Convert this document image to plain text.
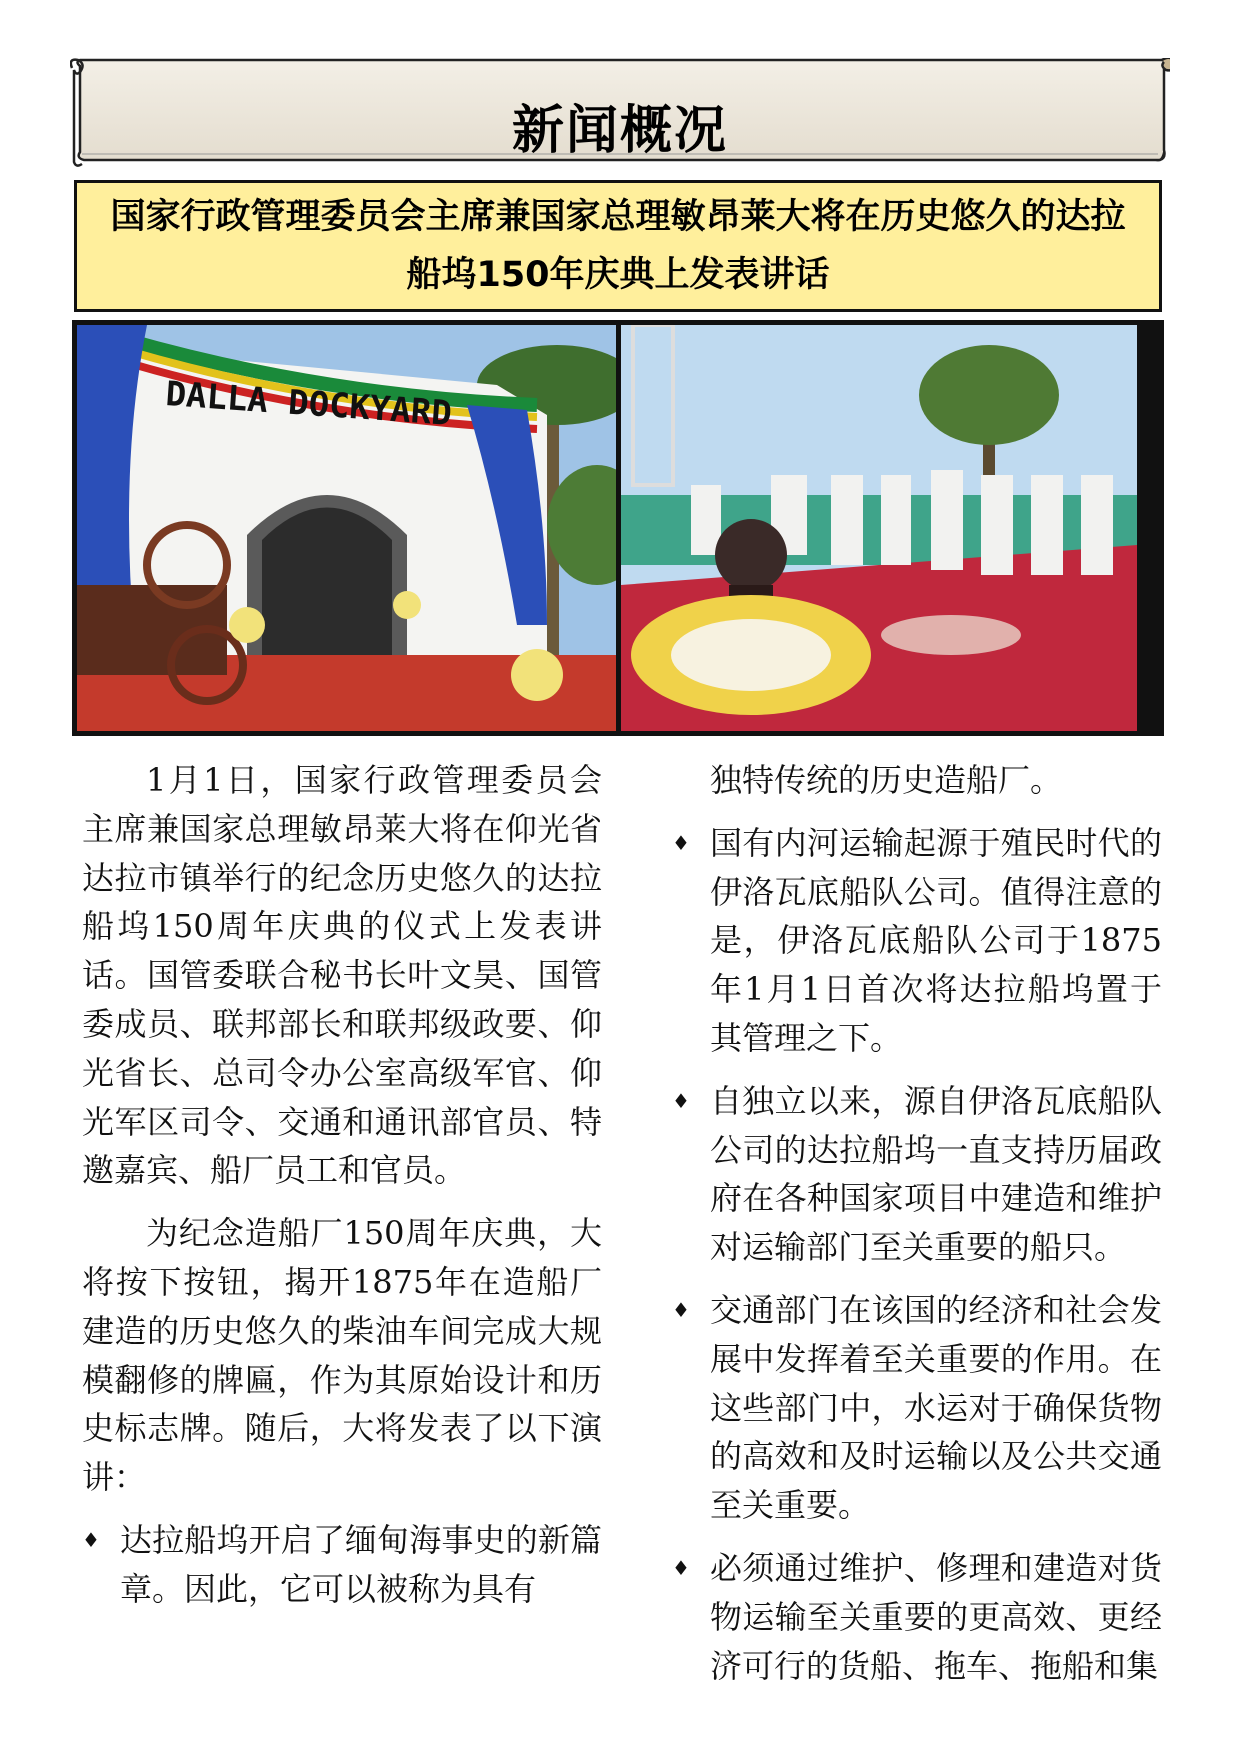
新闻概况
国家行政管理委员会主席兼国家总理敏昂莱大将在历史悠久的达拉船坞150年庆典上发表讲话
DALLA DOCKYARD

1月1日，国家行政管理委员会主席兼国家总理敏昂莱大将在仰光省达拉市镇举行的纪念历史悠久的达拉船坞150周年庆典的仪式上发表讲话。国管委联合秘书长叶文昊、国管委成员、联邦部长和联邦级政要、仰光省长、总司令办公室高级军官、仰光军区司令、交通和通讯部官员、特邀嘉宾、船厂员工和官员。

为纪念造船厂150周年庆典，大将按下按钮，揭开1875年在造船厂建造的历史悠久的柴油车间完成大规模翻修的牌匾，作为其原始设计和历史标志牌。随后，大将发表了以下演讲：

♦ 达拉船坞开启了缅甸海事史的新篇章。因此，它可以被称为具有

独特传统的历史造船厂。

♦ 国有内河运输起源于殖民时代的伊洛瓦底船队公司。值得注意的是，伊洛瓦底船队公司于1875年1月1日首次将达拉船坞置于其管理之下。
♦ 自独立以来，源自伊洛瓦底船队公司的达拉船坞一直支持历届政府在各种国家项目中建造和维护对运输部门至关重要的船只。
♦ 交通部门在该国的经济和社会发展中发挥着至关重要的作用。在这些部门中，水运对于确保货物的高效和及时运输以及公共交通至关重要。
♦ 必须通过维护、修理和建造对货物运输至关重要的更高效、更经济可行的货船、拖车、拖船和集
